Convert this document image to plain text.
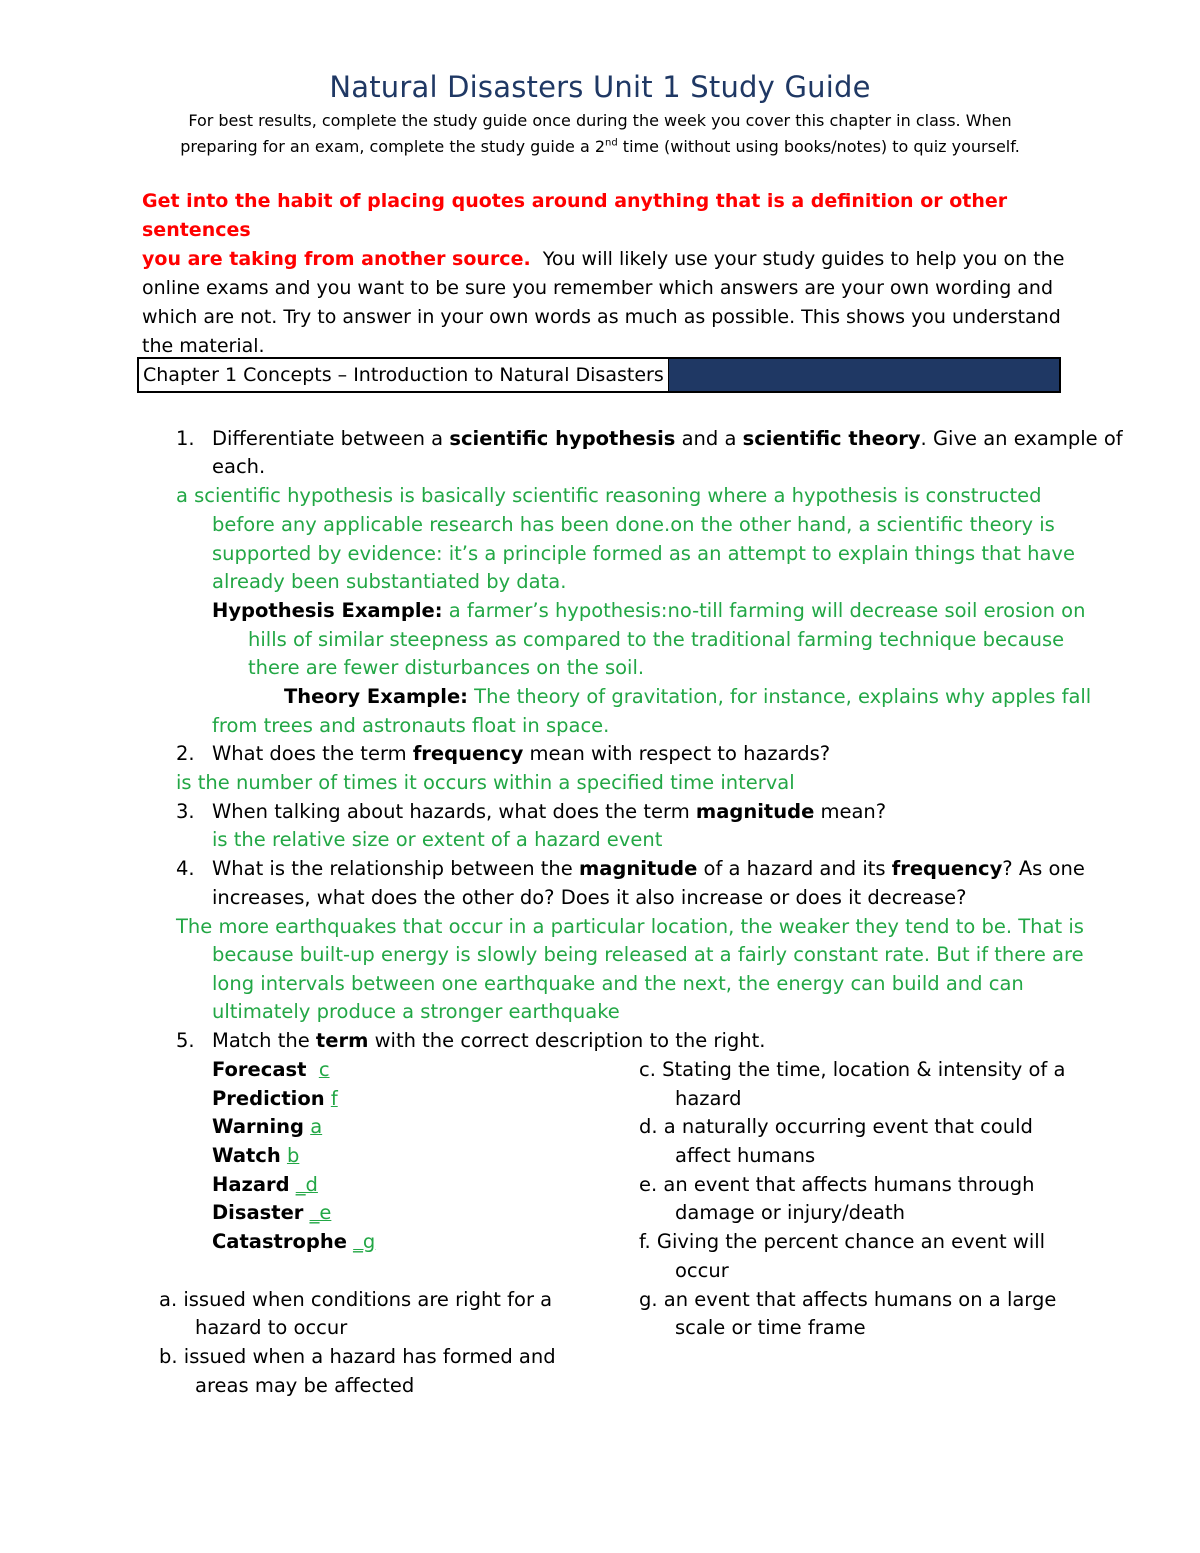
Natural Disasters Unit 1 Study Guide
For best results, complete the study guide once during the week you cover this chapter in class. When
preparing for an exam, complete the study guide a 2nd time (without using books/notes) to quiz yourself.
Get into the habit of placing quotes around anything that is a definition or other sentences
you are taking from another source.  You will likely use your study guides to help you on the
online exams and you want to be sure you remember which answers are your own wording and
which are not. Try to answer in your own words as much as possible. This shows you understand
the material.
Chapter 1 Concepts – Introduction to Natural Disasters
1. Differentiate between a scientific hypothesis and a scientific theory. Give an example of
each.
a scientific hypothesis is basically scientific reasoning where a hypothesis is constructed
before any applicable research has been done.on the other hand, a scientific theory is
supported by evidence: it’s a principle formed as an attempt to explain things that have
already been substantiated by data.
Hypothesis Example: a farmer’s hypothesis:no-till farming will decrease soil erosion on
hills of similar steepness as compared to the traditional farming technique because
there are fewer disturbances on the soil.
Theory Example: The theory of gravitation, for instance, explains why apples fall
from trees and astronauts float in space.
2. What does the term frequency mean with respect to hazards?
is the number of times it occurs within a specified time interval
3. When talking about hazards, what does the term magnitude mean?
is the relative size or extent of a hazard event
4. What is the relationship between the magnitude of a hazard and its frequency? As one
increases, what does the other do? Does it also increase or does it decrease?
The more earthquakes that occur in a particular location, the weaker they tend to be. That is
because built-up energy is slowly being released at a fairly constant rate. But if there are
long intervals between one earthquake and the next, the energy can build and can
ultimately produce a stronger earthquake
5. Match the term with the correct description to the right.
Forecast c
Prediction f
Warning a
Watch b
Hazard _d
Disaster _e
Catastrophe _g
c. Stating the time, location & intensity of a
hazard
d. a naturally occurring event that could
affect humans
e. an event that affects humans through
damage or injury/death
f. Giving the percent chance an event will
occur
g. an event that affects humans on a large
scale or time frame
a. issued when conditions are right for a
hazard to occur
b. issued when a hazard has formed and
areas may be affected
